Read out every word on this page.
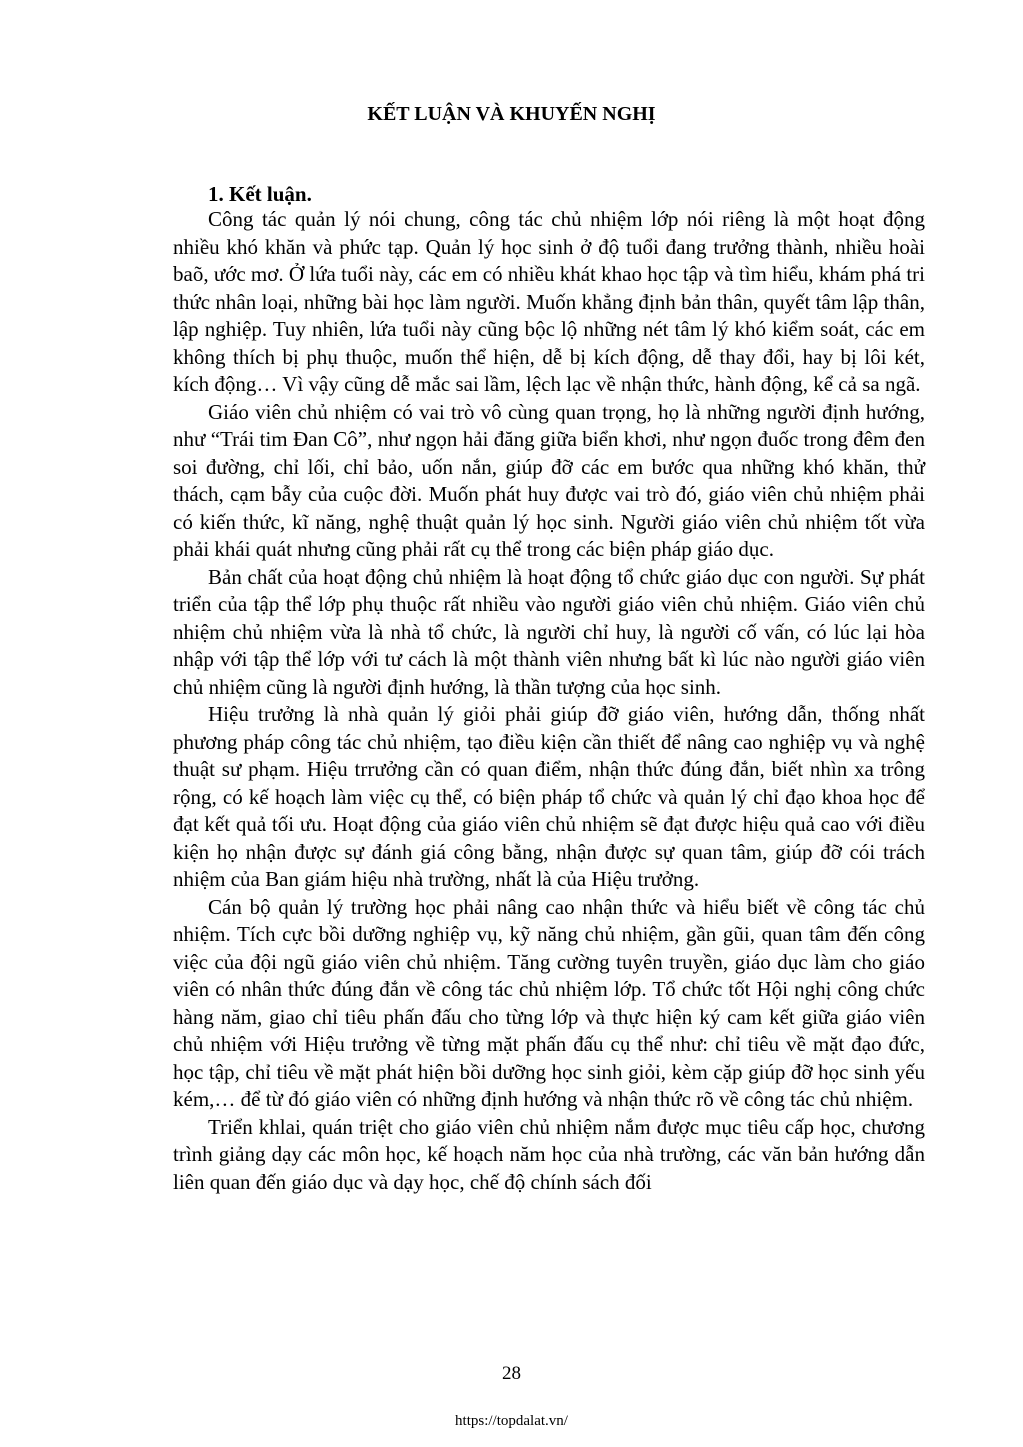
KẾT LUẬN VÀ KHUYẾN NGHỊ
1. Kết luận.

Công tác quản lý nói chung, công tác chủ nhiệm lớp nói riêng là một hoạt động nhiều khó khăn và phức tạp. Quản lý học sinh ở độ tuổi đang trưởng thành, nhiều hoài baõ, ước mơ. Ở lứa tuổi này, các em có nhiều khát khao học tập và tìm hiểu, khám phá tri thức nhân loại, những bài học làm người. Muốn khẳng định bản thân, quyết tâm lập thân, lập nghiệp. Tuy nhiên, lứa tuổi này cũng bộc lộ những nét tâm lý khó kiểm soát, các em không thích bị phụ thuộc, muốn thể hiện, dễ bị kích động, dễ thay đổi, hay bị lôi két, kích động… Vì vậy cũng dễ mắc sai lầm, lệch lạc về nhận thức, hành động, kể cả sa ngã.

Giáo viên chủ nhiệm có vai trò vô cùng quan trọng, họ là những người định hướng, như “Trái tim Đan Cô”, như ngọn hải đăng giữa biển khơi, như ngọn đuốc trong đêm đen soi đường, chỉ lối, chỉ bảo, uốn nắn, giúp đỡ các em bước qua những khó khăn, thử thách, cạm bẫy của cuộc đời. Muốn phát huy được vai trò đó, giáo viên chủ nhiệm phải có kiến thức, kĩ năng, nghệ thuật quản lý học sinh. Người giáo viên chủ nhiệm tốt vừa phải khái quát nhưng cũng phải rất cụ thể trong các biện pháp giáo dục.

Bản chất của hoạt động chủ nhiệm là hoạt động tổ chức giáo dục con người. Sự phát triển của tập thể lớp phụ thuộc rất nhiều vào người giáo viên chủ nhiệm. Giáo viên chủ nhiệm chủ nhiệm vừa là nhà tổ chức, là người chỉ huy, là người cố vấn, có lúc lại hòa nhập với tập thể lớp với tư cách là một thành viên nhưng bất kì lúc nào người giáo viên chủ nhiệm cũng là người định hướng, là thần tượng của học sinh.

Hiệu trưởng là nhà quản lý giỏi phải giúp đỡ giáo viên, hướng dẫn, thống nhất phương pháp công tác chủ nhiệm, tạo điều kiện cần thiết để nâng cao nghiệp vụ và nghệ thuật sư phạm. Hiệu trrưởng cần có quan điểm, nhận thức đúng đắn, biết nhìn xa trông rộng, có kế hoạch làm việc cụ thể, có biện pháp tổ chức và quản lý chỉ đạo khoa học để đạt kết quả tối ưu. Hoạt động của giáo viên chủ nhiệm sẽ đạt được hiệu quả cao với điều kiện họ nhận được sự đánh giá công bằng, nhận được sự quan tâm, giúp đỡ cói trách nhiệm của Ban giám hiệu nhà trường, nhất là của Hiệu trưởng.

Cán bộ quản lý trường học phải nâng cao nhận thức và hiểu biết về công tác chủ nhiệm. Tích cực bồi dưỡng nghiệp vụ, kỹ năng chủ nhiệm, gần gũi, quan tâm đến công việc của đội ngũ giáo viên chủ nhiệm. Tăng cường tuyên truyền, giáo dục làm cho giáo viên có nhân thức đúng đắn về công tác chủ nhiệm lớp. Tổ chức tốt Hội nghị công chức hàng năm, giao chỉ tiêu phấn đấu cho từng lớp và thực hiện ký cam kết giữa giáo viên chủ nhiệm với Hiệu trưởng về từng mặt phấn đấu cụ thể như: chỉ tiêu về mặt đạo đức, học tập, chỉ tiêu về mặt phát hiện bồi dưỡng học sinh giỏi, kèm cặp giúp đỡ học sinh yếu kém,… để từ đó giáo viên có những định hướng và nhận thức rõ về công tác chủ nhiệm.

Triển khlai, quán triệt cho giáo viên chủ nhiệm nắm được mục tiêu cấp học, chương trình giảng dạy các môn học, kế hoạch năm học của nhà trường, các văn bản hướng dẫn liên quan đến giáo dục và dạy học, chế độ chính sách đối

28
https://topdalat.vn/
